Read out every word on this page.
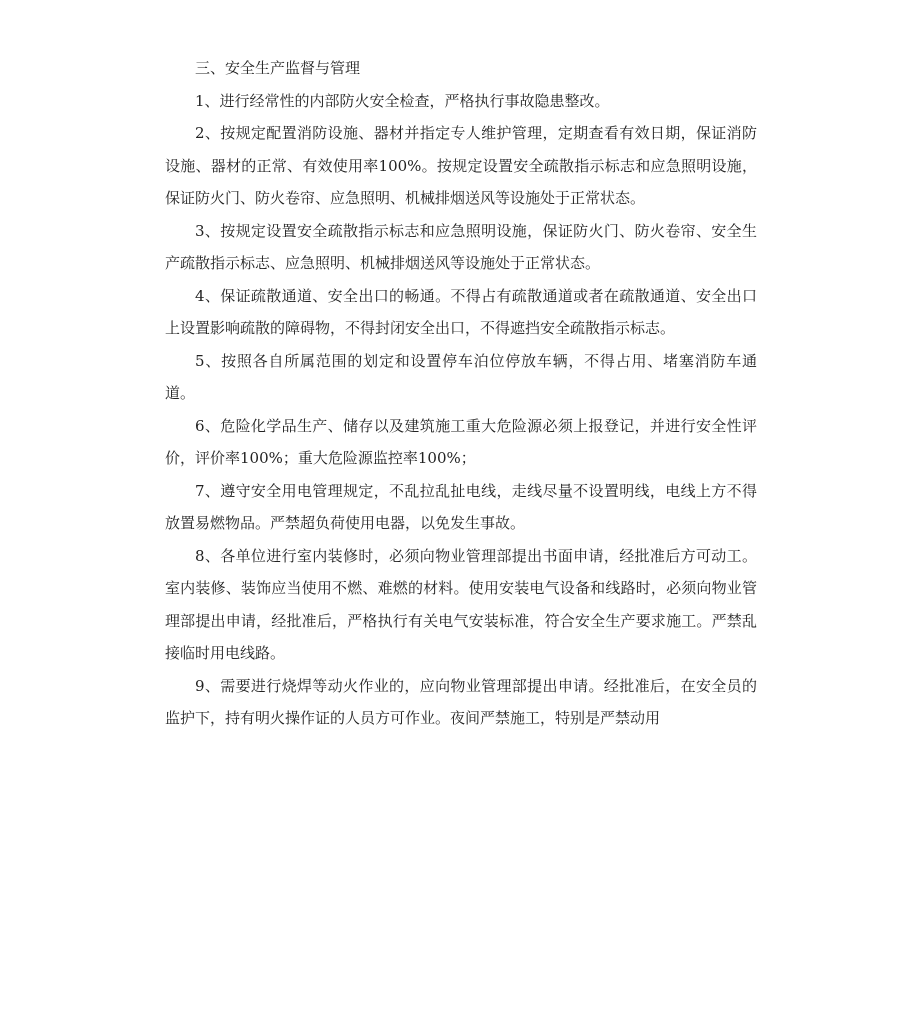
三、安全生产监督与管理

1、进行经常性的内部防火安全检查，严格执行事故隐患整改。

2、按规定配置消防设施、器材并指定专人维护管理，定期查看有效日期，保证消防设施、器材的正常、有效使用率100%。按规定设置安全疏散指示标志和应急照明设施，保证防火门、防火卷帘、应急照明、机械排烟送风等设施处于正常状态。

3、按规定设置安全疏散指示标志和应急照明设施，保证防火门、防火卷帘、安全生产疏散指示标志、应急照明、机械排烟送风等设施处于正常状态。

4、保证疏散通道、安全出口的畅通。不得占有疏散通道或者在疏散通道、安全出口上设置影响疏散的障碍物，不得封闭安全出口，不得遮挡安全疏散指示标志。

5、按照各自所属范围的划定和设置停车泊位停放车辆，不得占用、堵塞消防车通道。

6、危险化学品生产、储存以及建筑施工重大危险源必须上报登记，并进行安全性评价，评价率100%；重大危险源监控率100%；

7、遵守安全用电管理规定，不乱拉乱扯电线，走线尽量不设置明线，电线上方不得放置易燃物品。严禁超负荷使用电器，以免发生事故。

8、各单位进行室内装修时，必须向物业管理部提出书面申请，经批准后方可动工。室内装修、装饰应当使用不燃、难燃的材料。使用安装电气设备和线路时，必须向物业管理部提出申请，经批准后，严格执行有关电气安装标准，符合安全生产要求施工。严禁乱接临时用电线路。

9、需要进行烧焊等动火作业的，应向物业管理部提出申请。经批准后，在安全员的监护下，持有明火操作证的人员方可作业。夜间严禁施工，特别是严禁动用
